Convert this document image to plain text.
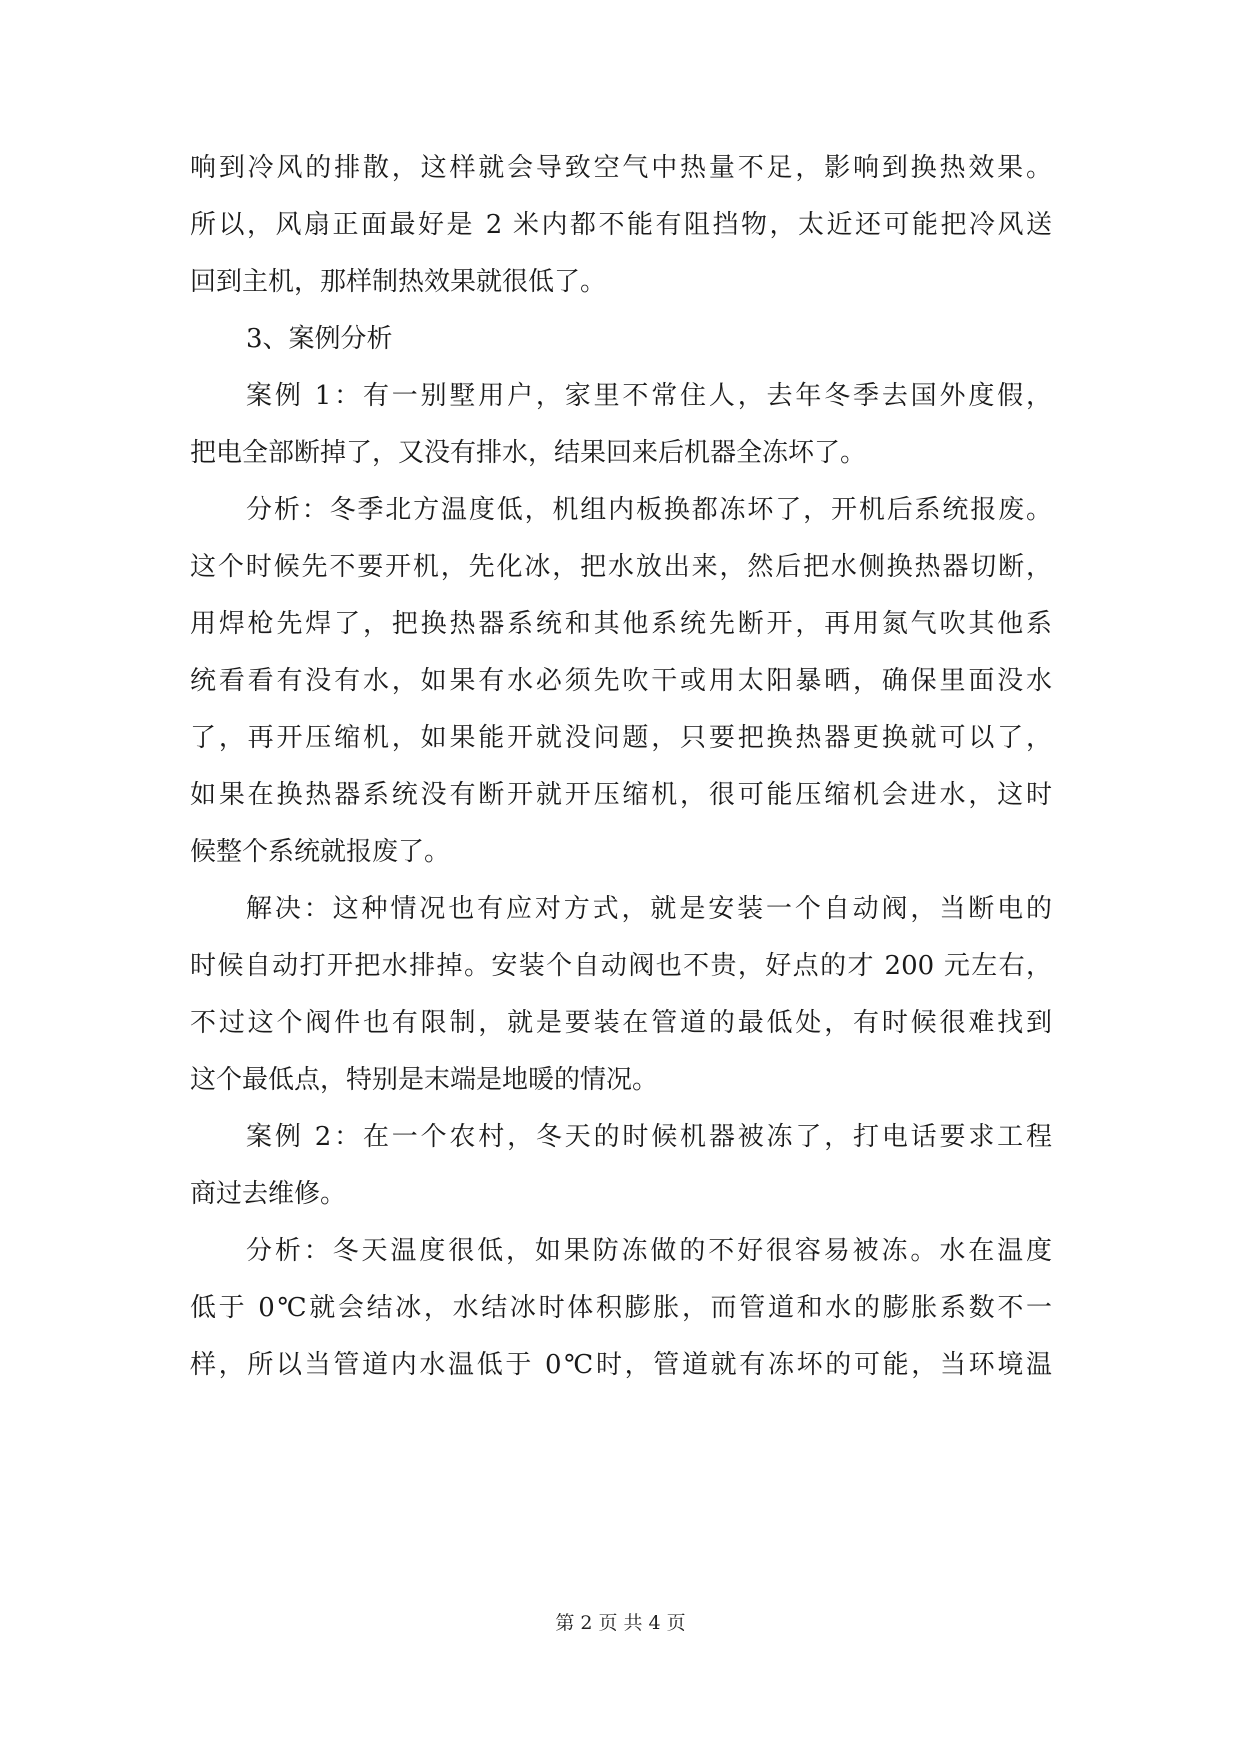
响到冷风的排散，这样就会导致空气中热量不足，影响到换热效果。
所以，风扇正面最好是 2 米内都不能有阻挡物，太近还可能把冷风送
回到主机，那样制热效果就很低了。
3、案例分析
案例 1：有一别墅用户，家里不常住人，去年冬季去国外度假，
把电全部断掉了，又没有排水，结果回来后机器全冻坏了。
分析：冬季北方温度低，机组内板换都冻坏了，开机后系统报废。
这个时候先不要开机，先化冰，把水放出来，然后把水侧换热器切断，
用焊枪先焊了，把换热器系统和其他系统先断开，再用氮气吹其他系
统看看有没有水，如果有水必须先吹干或用太阳暴晒，确保里面没水
了，再开压缩机，如果能开就没问题，只要把换热器更换就可以了，
如果在换热器系统没有断开就开压缩机，很可能压缩机会进水，这时
候整个系统就报废了。
解决：这种情况也有应对方式，就是安装一个自动阀，当断电的
时候自动打开把水排掉。安装个自动阀也不贵，好点的才 200 元左右，
不过这个阀件也有限制，就是要装在管道的最低处，有时候很难找到
这个最低点，特别是末端是地暖的情况。
案例 2：在一个农村，冬天的时候机器被冻了，打电话要求工程
商过去维修。
分析：冬天温度很低，如果防冻做的不好很容易被冻。水在温度
低于 0℃就会结冰，水结冰时体积膨胀，而管道和水的膨胀系数不一
样，所以当管道内水温低于 0℃时，管道就有冻坏的可能，当环境温
第 2 页 共 4 页
